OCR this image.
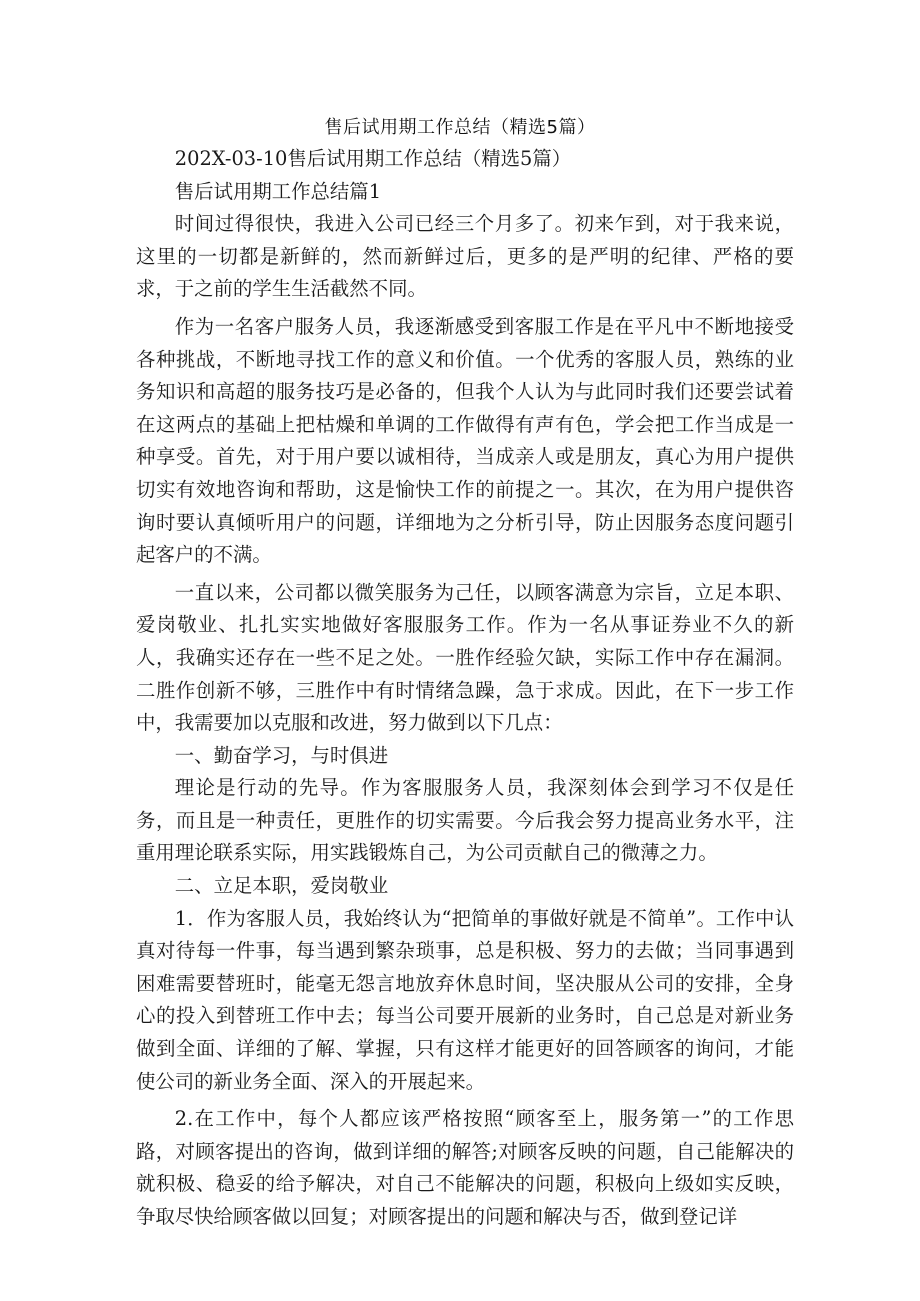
售后试用期工作总结（精选5篇）

202X-03-10售后试用期工作总结（精选5篇）

售后试用期工作总结篇1

时间过得很快，我进入公司已经三个月多了。初来乍到，对于我来说，这里的一切都是新鲜的，然而新鲜过后，更多的是严明的纪律、严格的要求，于之前的学生生活截然不同。

作为一名客户服务人员，我逐渐感受到客服工作是在平凡中不断地接受各种挑战，不断地寻找工作的意义和价值。一个优秀的客服人员，熟练的业务知识和高超的服务技巧是必备的，但我个人认为与此同时我们还要尝试着在这两点的基础上把枯燥和单调的工作做得有声有色，学会把工作当成是一种享受。首先，对于用户要以诚相待，当成亲人或是朋友，真心为用户提供切实有效地咨询和帮助，这是愉快工作的前提之一。其次，在为用户提供咨询时要认真倾听用户的问题，详细地为之分析引导，防止因服务态度问题引起客户的不满。

一直以来，公司都以微笑服务为己任，以顾客满意为宗旨，立足本职、爱岗敬业、扎扎实实地做好客服服务工作。作为一名从事证券业不久的新人，我确实还存在一些不足之处。一胜作经验欠缺，实际工作中存在漏洞。二胜作创新不够，三胜作中有时情绪急躁，急于求成。因此，在下一步工作中，我需要加以克服和改进，努力做到以下几点：

一、勤奋学习，与时俱进

理论是行动的先导。作为客服服务人员，我深刻体会到学习不仅是任务，而且是一种责任，更胜作的切实需要。今后我会努力提高业务水平，注重用理论联系实际，用实践锻炼自己，为公司贡献自己的微薄之力。

二、立足本职，爱岗敬业

1．作为客服人员，我始终认为“把简单的事做好就是不简单”。工作中认真对待每一件事，每当遇到繁杂琐事，总是积极、努力的去做；当同事遇到困难需要替班时，能毫无怨言地放弃休息时间，坚决服从公司的安排，全身心的投入到替班工作中去；每当公司要开展新的业务时，自己总是对新业务做到全面、详细的了解、掌握，只有这样才能更好的回答顾客的询问，才能使公司的新业务全面、深入的开展起来。

2.在工作中，每个人都应该严格按照“顾客至上，服务第一”的工作思路，对顾客提出的咨询，做到详细的解答;对顾客反映的问题，自己能解决的就积极、稳妥的给予解决，对自己不能解决的问题，积极向上级如实反映，争取尽快给顾客做以回复；对顾客提出的问题和解决与否，做到登记详
